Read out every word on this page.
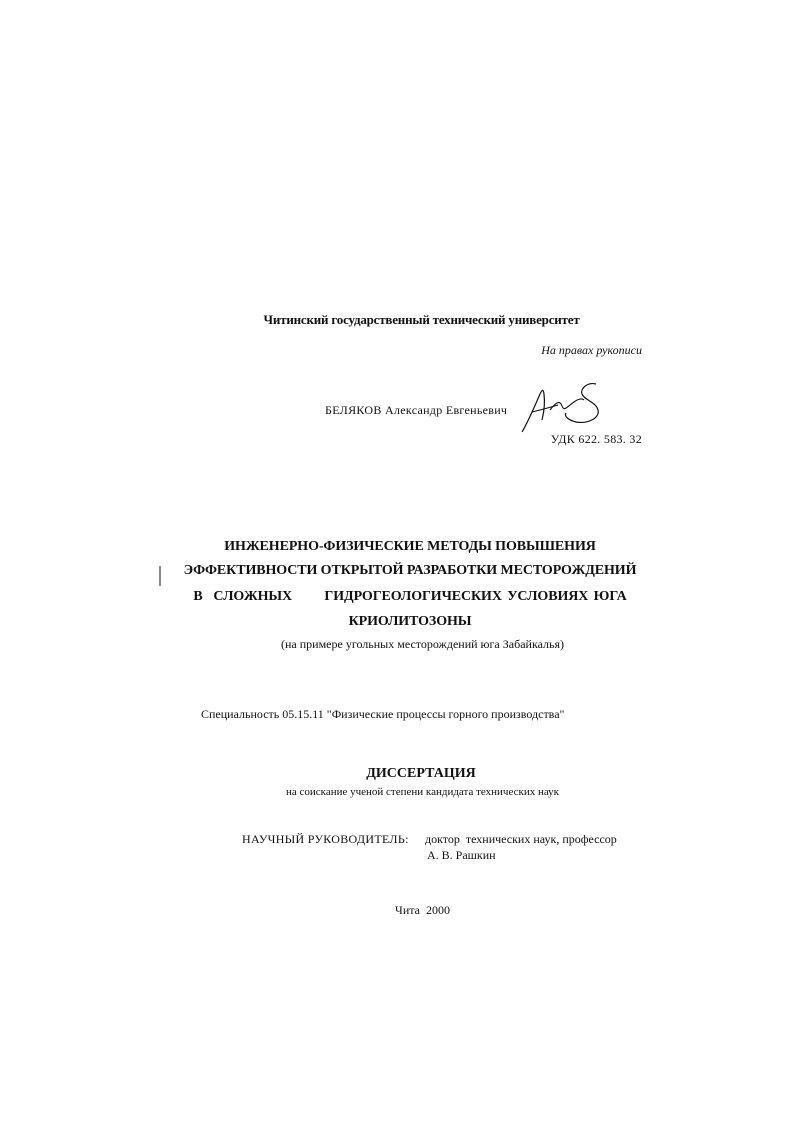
Читинский государственный технический университет
На правах рукописи
БЕЛЯКОВ Александр Евгеньевич
УДК 622. 583. 32
ИНЖЕНЕРНО-ФИЗИЧЕСКИЕ МЕТОДЫ ПОВЫШЕНИЯ
ЭФФЕКТИВНОСТИ ОТКРЫТОЙ РАЗРАБОТКИ МЕСТОРОЖДЕНИЙ
В  СЛОЖНЫХ      ГИДРОГЕОЛОГИЧЕСКИХ УСЛОВИЯХ ЮГА
КРИОЛИТОЗОНЫ
(на примере угольных месторождений юга Забайкалья)
Специальность 05.15.11 "Физические процессы горного производства"
ДИССЕРТАЦИЯ
на соискание ученой степени кандидата технических наук
НАУЧНЫЙ РУКОВОДИТЕЛЬ: доктор  технических наук, профессор
А. В. Рашкин
Чита  2000
